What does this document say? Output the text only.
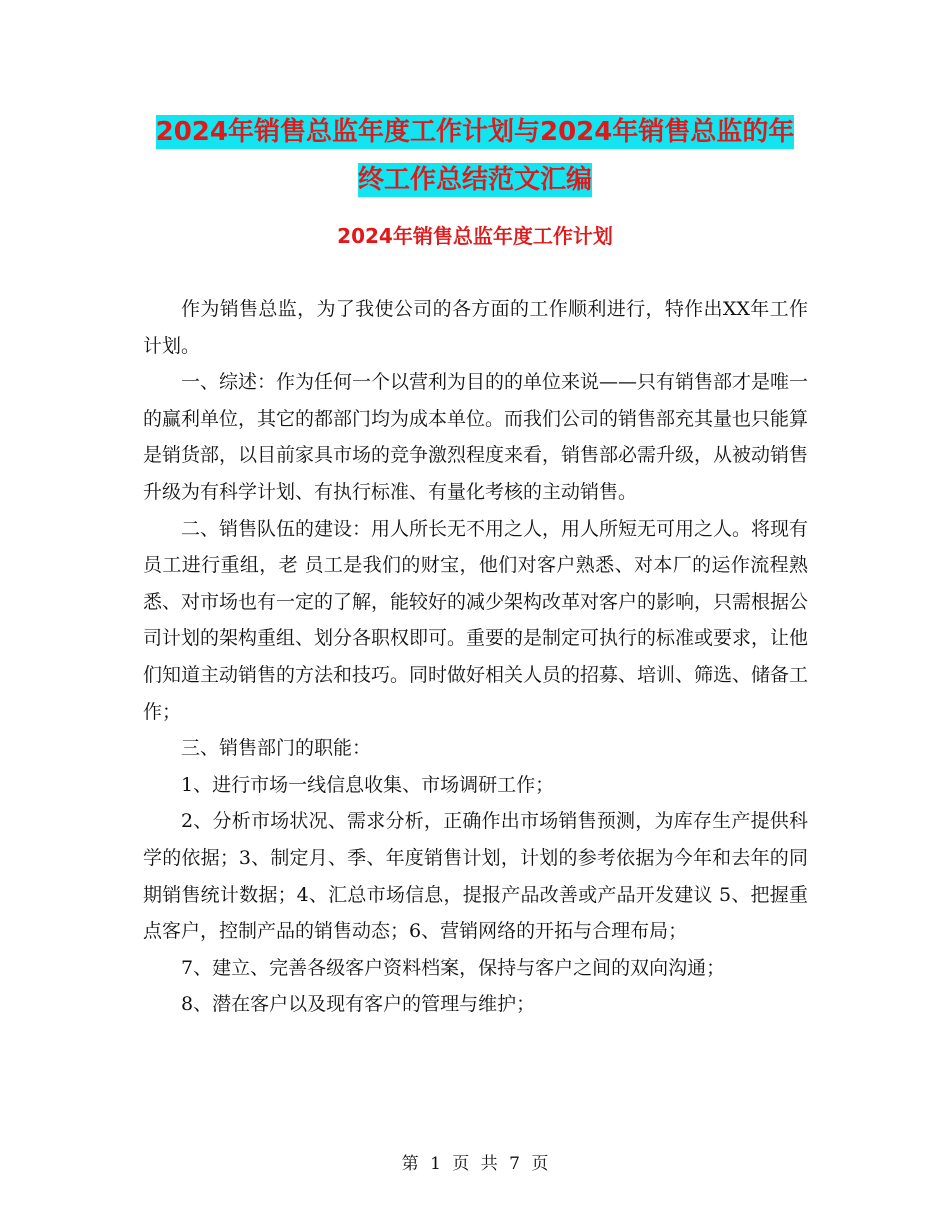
2024年销售总监年度工作计划与2024年销售总监的年
终工作总结范文汇编
2024年销售总监年度工作计划

作为销售总监，为了我使公司的各方面的工作顺利进行，特作出XX年工作计划。

一、综述：作为任何一个以营利为目的的单位来说——只有销售部才是唯一的赢利单位，其它的都部门均为成本单位。而我们公司的销售部充其量也只能算是销货部，以目前家具市场的竞争激烈程度来看，销售部必需升级，从被动销售升级为有科学计划、有执行标准、有量化考核的主动销售。

二、销售队伍的建设：用人所长无不用之人，用人所短无可用之人。将现有员工进行重组，老 员工是我们的财宝，他们对客户熟悉、对本厂的运作流程熟悉、对市场也有一定的了解，能较好的减少架构改革对客户的影响，只需根据公司计划的架构重组、划分各职权即可。重要的是制定可执行的标准或要求，让他们知道主动销售的方法和技巧。同时做好相关人员的招募、培训、筛选、储备工作；

三、销售部门的职能：

1、进行市场一线信息收集、市场调研工作；

2、分析市场状况、需求分析，正确作出市场销售预测，为库存生产提供科学的依据；3、制定月、季、年度销售计划，计划的参考依据为今年和去年的同期销售统计数据；4、汇总市场信息，提报产品改善或产品开发建议 5、把握重点客户，控制产品的销售动态；6、营销网络的开拓与合理布局；

7、建立、完善各级客户资料档案，保持与客户之间的双向沟通；

8、潜在客户以及现有客户的管理与维护；

第 1 页 共 7 页
